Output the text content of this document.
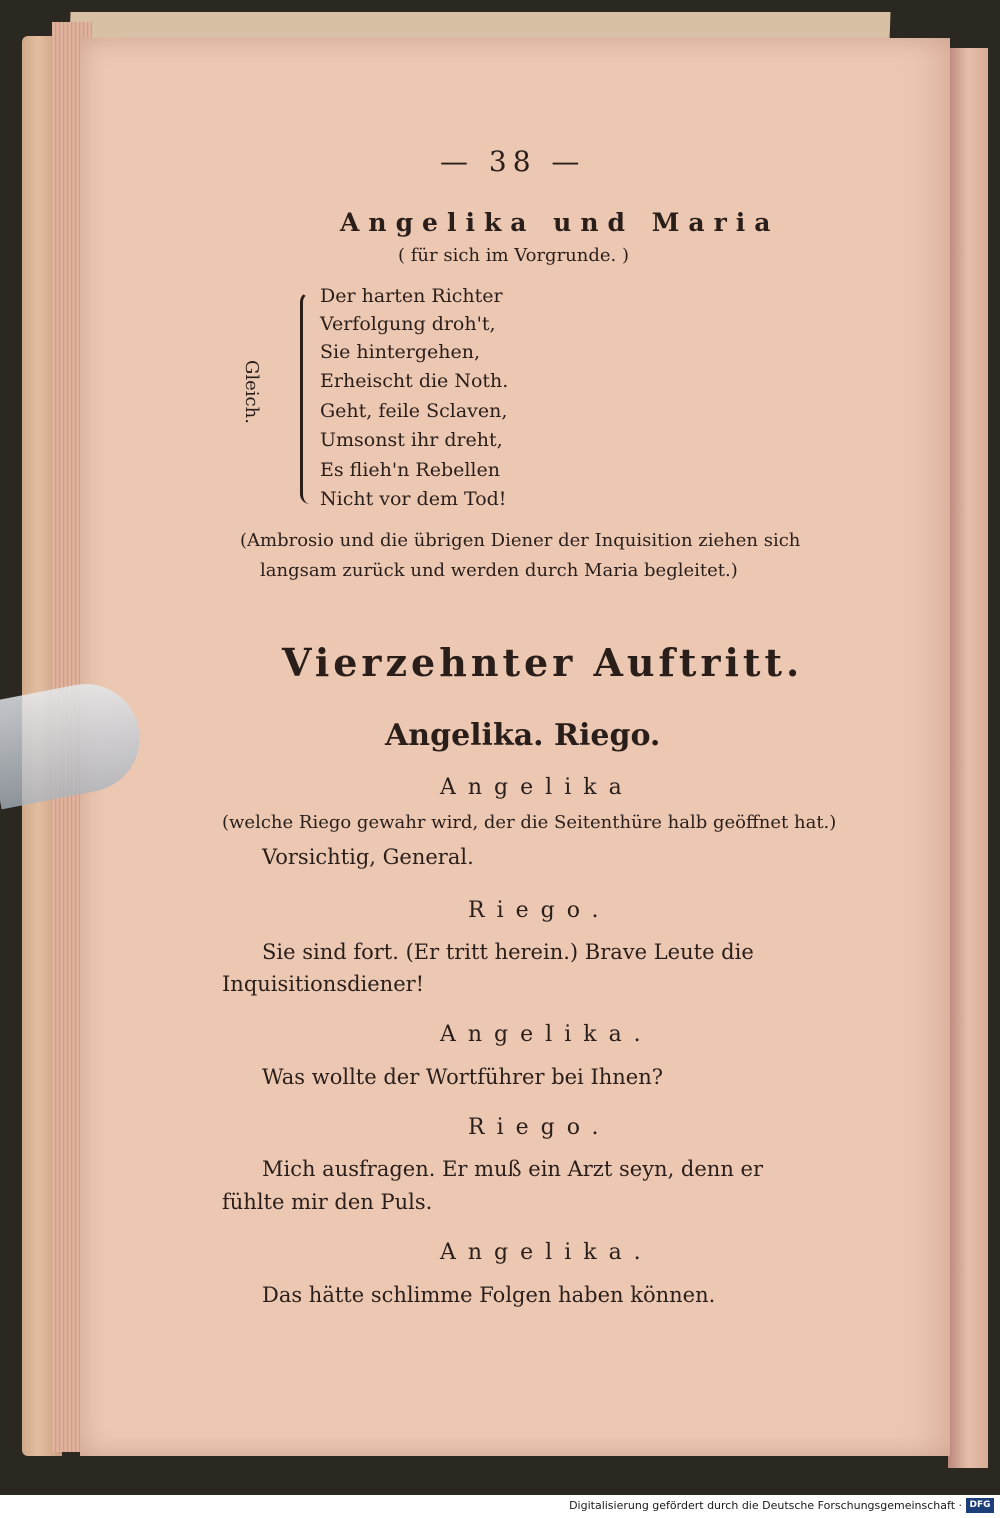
— 38 —
Angelika und Maria
( für sich im Vorgrunde. )
Gleich.
Der harten Richter
Verfolgung droh't,
Sie hintergehen,
Erheischt die Noth.
Geht, feile Sclaven,
Umsonst ihr dreht,
Es flieh'n Rebellen
Nicht vor dem Tod!
(Ambrosio und die übrigen Diener der Inquisition ziehen sich
langsam zurück und werden durch Maria begleitet.)
Vierzehnter Auftritt.
Angelika. Riego.
Angelika
(welche Riego gewahr wird, der die Seitenthüre halb geöffnet hat.)
Vorsichtig, General.
Riego.
Sie sind fort. (Er tritt herein.) Brave Leute die
Inquisitionsdiener!
Angelika.
Was wollte der Wortführer bei Ihnen?
Riego.
Mich ausfragen. Er muß ein Arzt seyn, denn er
fühlte mir den Puls.
Angelika.
Das hätte schlimme Folgen haben können.
Digitalisierung gefördert durch die Deutsche Forschungsgemeinschaft · DFG
